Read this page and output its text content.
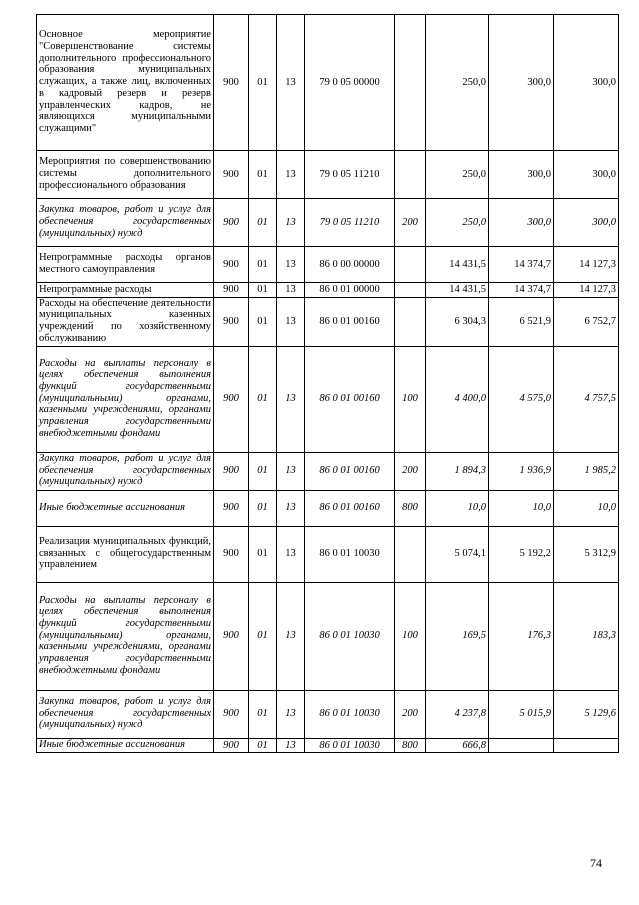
Основное мероприятие "Совершенствование системы дополнительного профессионального образования муниципальных служащих, а также лиц, включенных в кадровый резерв и резерв управленческих кадров, не являющихся муниципальными служащими"	900	01	13	79 0 05 00000		250,0	300,0	300,0
Мероприятия по совершенствованию системы дополнительного профессионального образования	900	01	13	79 0 05 11210		250,0	300,0	300,0
Закупка товаров, работ и услуг для обеспечения государственных (муниципальных) нужд	900	01	13	79 0 05 11210	200	250,0	300,0	300,0
Непрограммные расходы органов местного самоуправления	900	01	13	86 0 00 00000		14 431,5	14 374,7	14 127,3
Непрограммные расходы	900	01	13	86 0 01 00000		14 431,5	14 374,7	14 127,3
Расходы на обеспечение деятельности муниципальных казенных учреждений по хозяйственному обслуживанию	900	01	13	86 0 01 00160		6 304,3	6 521,9	6 752,7
Расходы на выплаты персоналу в целях обеспечения выполнения функций государственными (муниципальными) органами, казенными учреждениями, органами управления государственными внебюджетными фондами	900	01	13	86 0 01 00160	100	4 400,0	4 575,0	4 757,5
Закупка товаров, работ и услуг для обеспечения государственных (муниципальных) нужд	900	01	13	86 0 01 00160	200	1 894,3	1 936,9	1 985,2
Иные бюджетные ассигнования	900	01	13	86 0 01 00160	800	10,0	10,0	10,0
Реализация муниципальных функций, связанных с общегосударственным управлением	900	01	13	86 0 01 10030		5 074,1	5 192,2	5 312,9
Расходы на выплаты персоналу в целях обеспечения выполнения функций государственными (муниципальными) органами, казенными учреждениями, органами управления государственными внебюджетными фондами	900	01	13	86 0 01 10030	100	169,5	176,3	183,3
Закупка товаров, работ и услуг для обеспечения государственных (муниципальных) нужд	900	01	13	86 0 01 10030	200	4 237,8	5 015,9	5 129,6
Иные бюджетные ассигнования	900	01	13	86 0 01 10030	800	666,8		
74
